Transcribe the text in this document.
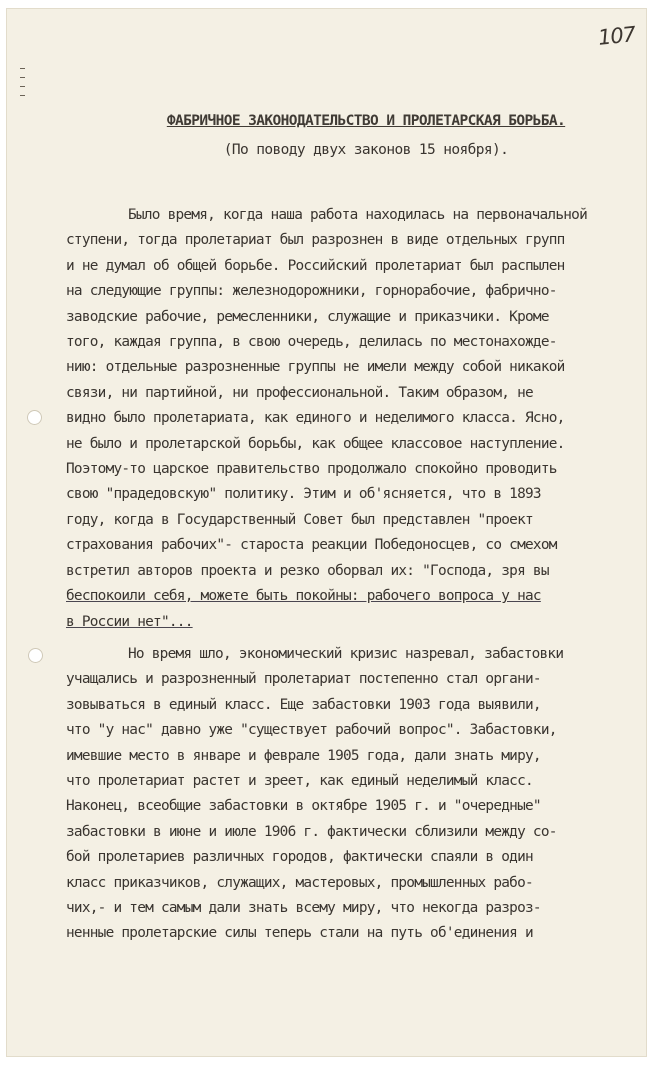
107
ФАБРИЧНОЕ ЗАКОНОДАТЕЛЬСТВО И ПРОЛЕТАРСКАЯ БОРЬБА.
(По поводу двух законов 15 ноября).
Было время, когда наша работа находилась на первоначальной
ступени, тогда пролетариат был разрознен в виде отдельных групп
и не думал об общей борьбе. Российский пролетариат был распылен
на следующие группы: железнодорожники, горнорабочие, фабрично-
заводские рабочие, ремесленники, служащие и приказчики. Кроме
того, каждая группа, в свою очередь, делилась по местонахожде-
нию: отдельные разрозненные группы не имели между собой никакой
связи, ни партийной, ни профессиональной. Таким образом, не
видно было пролетариата, как единого и неделимого класса. Ясно,
не было и пролетарской борьбы, как общее классовое наступление.
Поэтому-то царское правительство продолжало спокойно проводить
свою "прадедовскую" политику. Этим и об'ясняется, что в 1893
году, когда в Государственный Совет был представлен "проект
страхования рабочих"- староста реакции Победоносцев, со смехом
встретил авторов проекта и резко оборвал их: "Господа, зря вы
беспокоили себя, можете быть покойны: рабочего вопроса у нас
в России нет"...
Но время шло, экономический кризис назревал, забастовки
учащались и разрозненный пролетариат постепенно стал органи-
зовываться в единый класс. Еще забастовки 1903 года выявили,
что "у нас" давно уже "существует рабочий вопрос". Забастовки,
имевшие место в январе и феврале 1905 года, дали знать миру,
что пролетариат растет и зреет, как единый неделимый класс.
Наконец, всеобщие забастовки в октябре 1905 г. и "очередные"
забастовки в июне и июле 1906 г. фактически сблизили между со-
бой пролетариев различных городов, фактически спаяли в один
класс приказчиков, служащих, мастеровых, промышленных рабо-
чих,- и тем самым дали знать всему миру, что некогда разроз-
ненные пролетарские силы теперь стали на путь об'единения и
